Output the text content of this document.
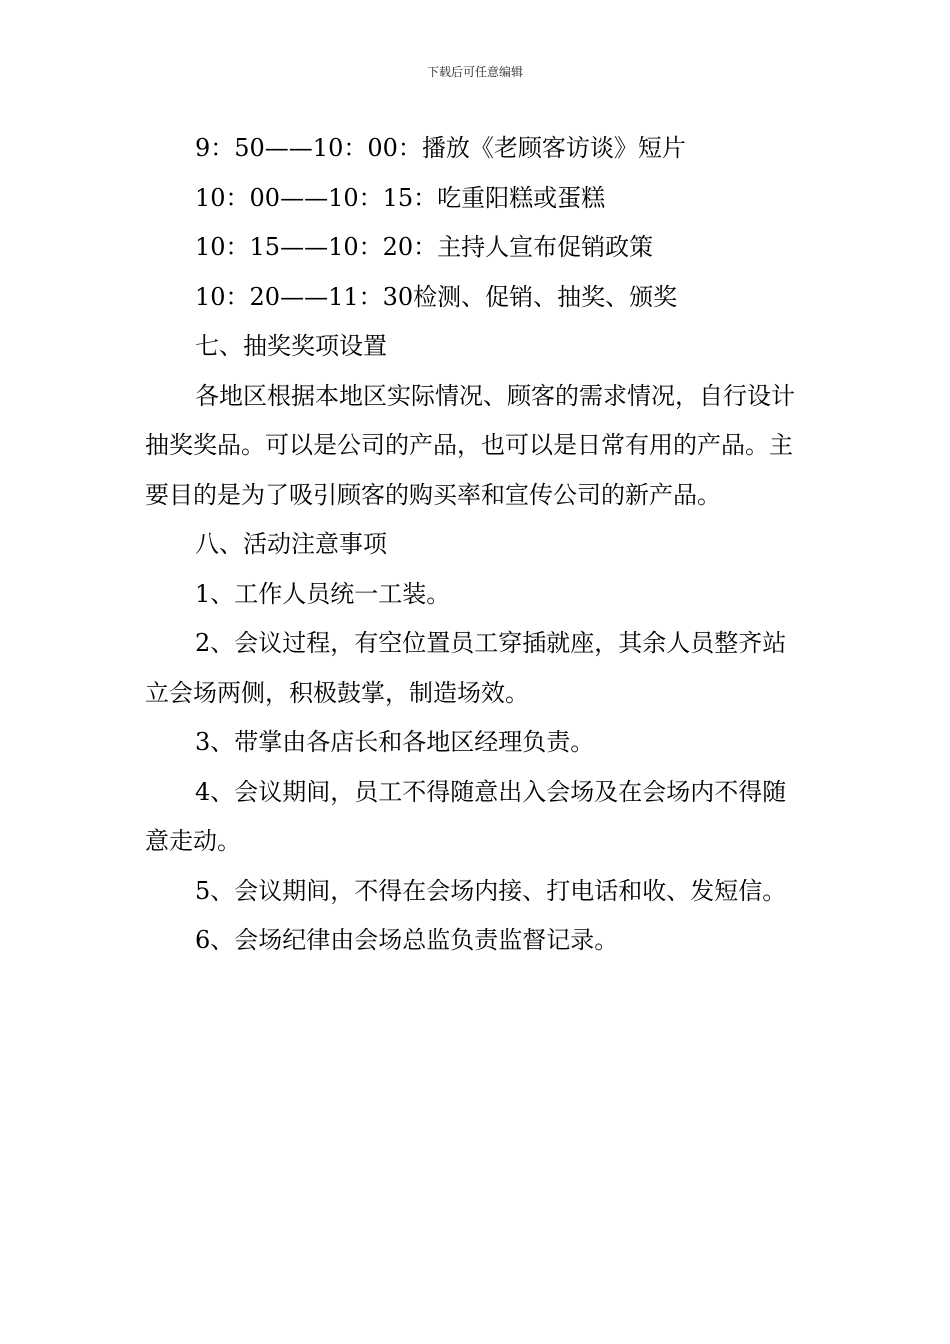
下载后可任意编辑

9：50——10：00：播放《老顾客访谈》短片

10：00——10：15：吃重阳糕或蛋糕

10：15——10：20：主持人宣布促销政策

10：20——11：30检测、促销、抽奖、颁奖

七、抽奖奖项设置

各地区根据本地区实际情况、顾客的需求情况，自行设计抽奖奖品。可以是公司的产品，也可以是日常有用的产品。主要目的是为了吸引顾客的购买率和宣传公司的新产品。

八、活动注意事项

1、工作人员统一工装。

2、会议过程，有空位置员工穿插就座，其余人员整齐站立会场两侧，积极鼓掌，制造场效。

3、带掌由各店长和各地区经理负责。

4、会议期间，员工不得随意出入会场及在会场内不得随意走动。

5、会议期间，不得在会场内接、打电话和收、发短信。

6、会场纪律由会场总监负责监督记录。
